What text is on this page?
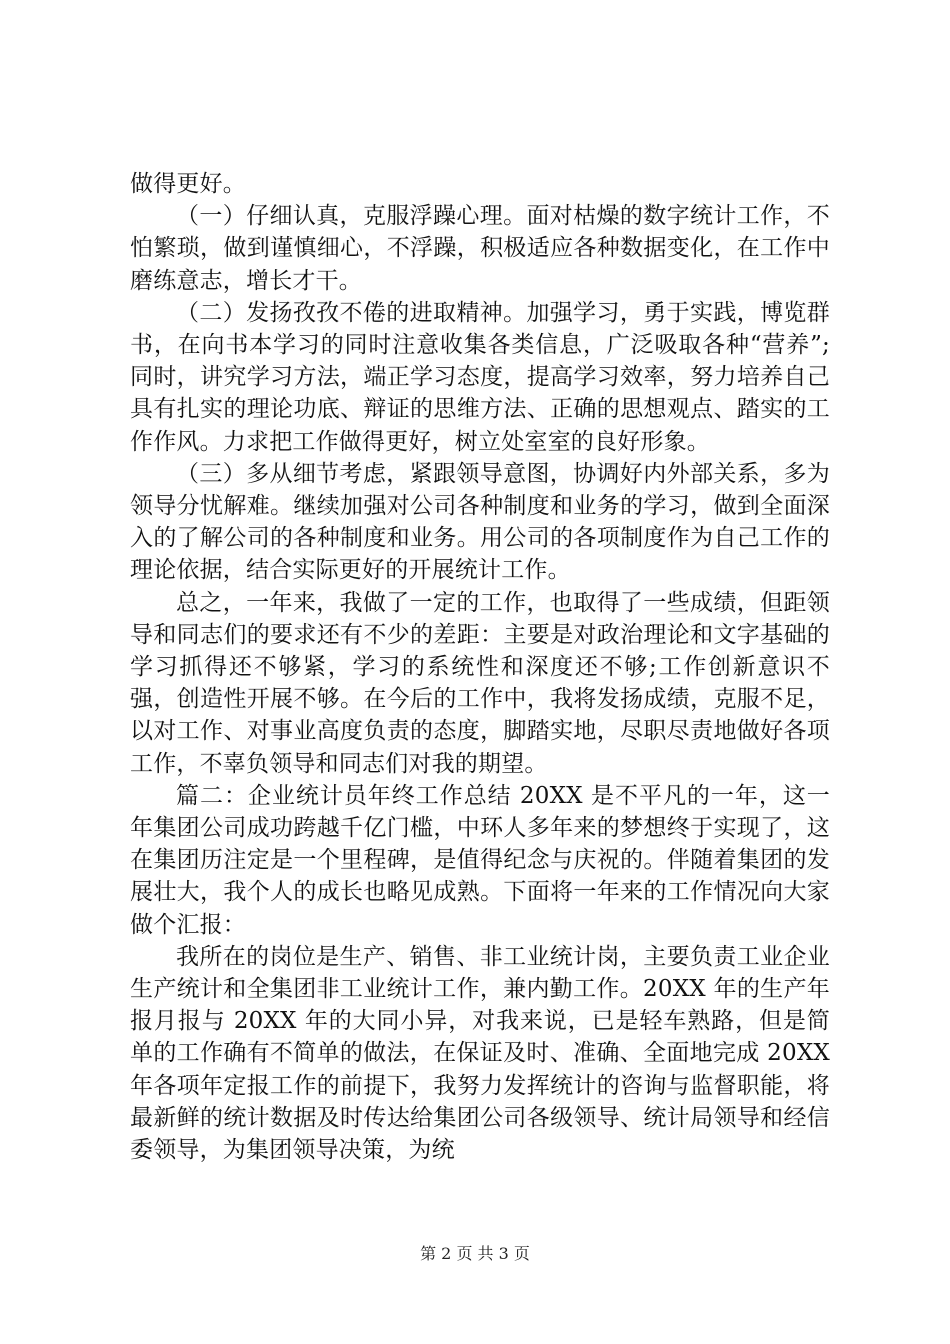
做得更好。

（一）仔细认真，克服浮躁心理。面对枯燥的数字统计工作，不怕繁琐，做到谨慎细心，不浮躁，积极适应各种数据变化，在工作中磨练意志，增长才干。

（二）发扬孜孜不倦的进取精神。加强学习，勇于实践，博览群书，在向书本学习的同时注意收集各类信息，广泛吸取各种“营养”;同时，讲究学习方法，端正学习态度，提高学习效率，努力培养自己具有扎实的理论功底、辩证的思维方法、正确的思想观点、踏实的工作作风。力求把工作做得更好，树立处室室的良好形象。

（三）多从细节考虑，紧跟领导意图，协调好内外部关系，多为领导分忧解难。继续加强对公司各种制度和业务的学习，做到全面深入的了解公司的各种制度和业务。用公司的各项制度作为自己工作的理论依据，结合实际更好的开展统计工作。

总之，一年来，我做了一定的工作，也取得了一些成绩，但距领导和同志们的要求还有不少的差距：主要是对政治理论和文字基础的学习抓得还不够紧，学习的系统性和深度还不够;工作创新意识不强，创造性开展不够。在今后的工作中，我将发扬成绩，克服不足，以对工作、对事业高度负责的态度，脚踏实地，尽职尽责地做好各项工作，不辜负领导和同志们对我的期望。

篇二：企业统计员年终工作总结 20XX 是不平凡的一年，这一年集团公司成功跨越千亿门槛，中环人多年来的梦想终于实现了，这在集团历注定是一个里程碑，是值得纪念与庆祝的。伴随着集团的发展壮大，我个人的成长也略见成熟。下面将一年来的工作情况向大家做个汇报：

我所在的岗位是生产、销售、非工业统计岗，主要负责工业企业生产统计和全集团非工业统计工作，兼内勤工作。20XX 年的生产年报月报与 20XX 年的大同小异，对我来说，已是轻车熟路，但是简单的工作确有不简单的做法，在保证及时、准确、全面地完成 20XX 年各项年定报工作的前提下，我努力发挥统计的咨询与监督职能，将最新鲜的统计数据及时传达给集团公司各级领导、统计局领导和经信委领导，为集团领导决策，为统

第 2 页 共 3 页
